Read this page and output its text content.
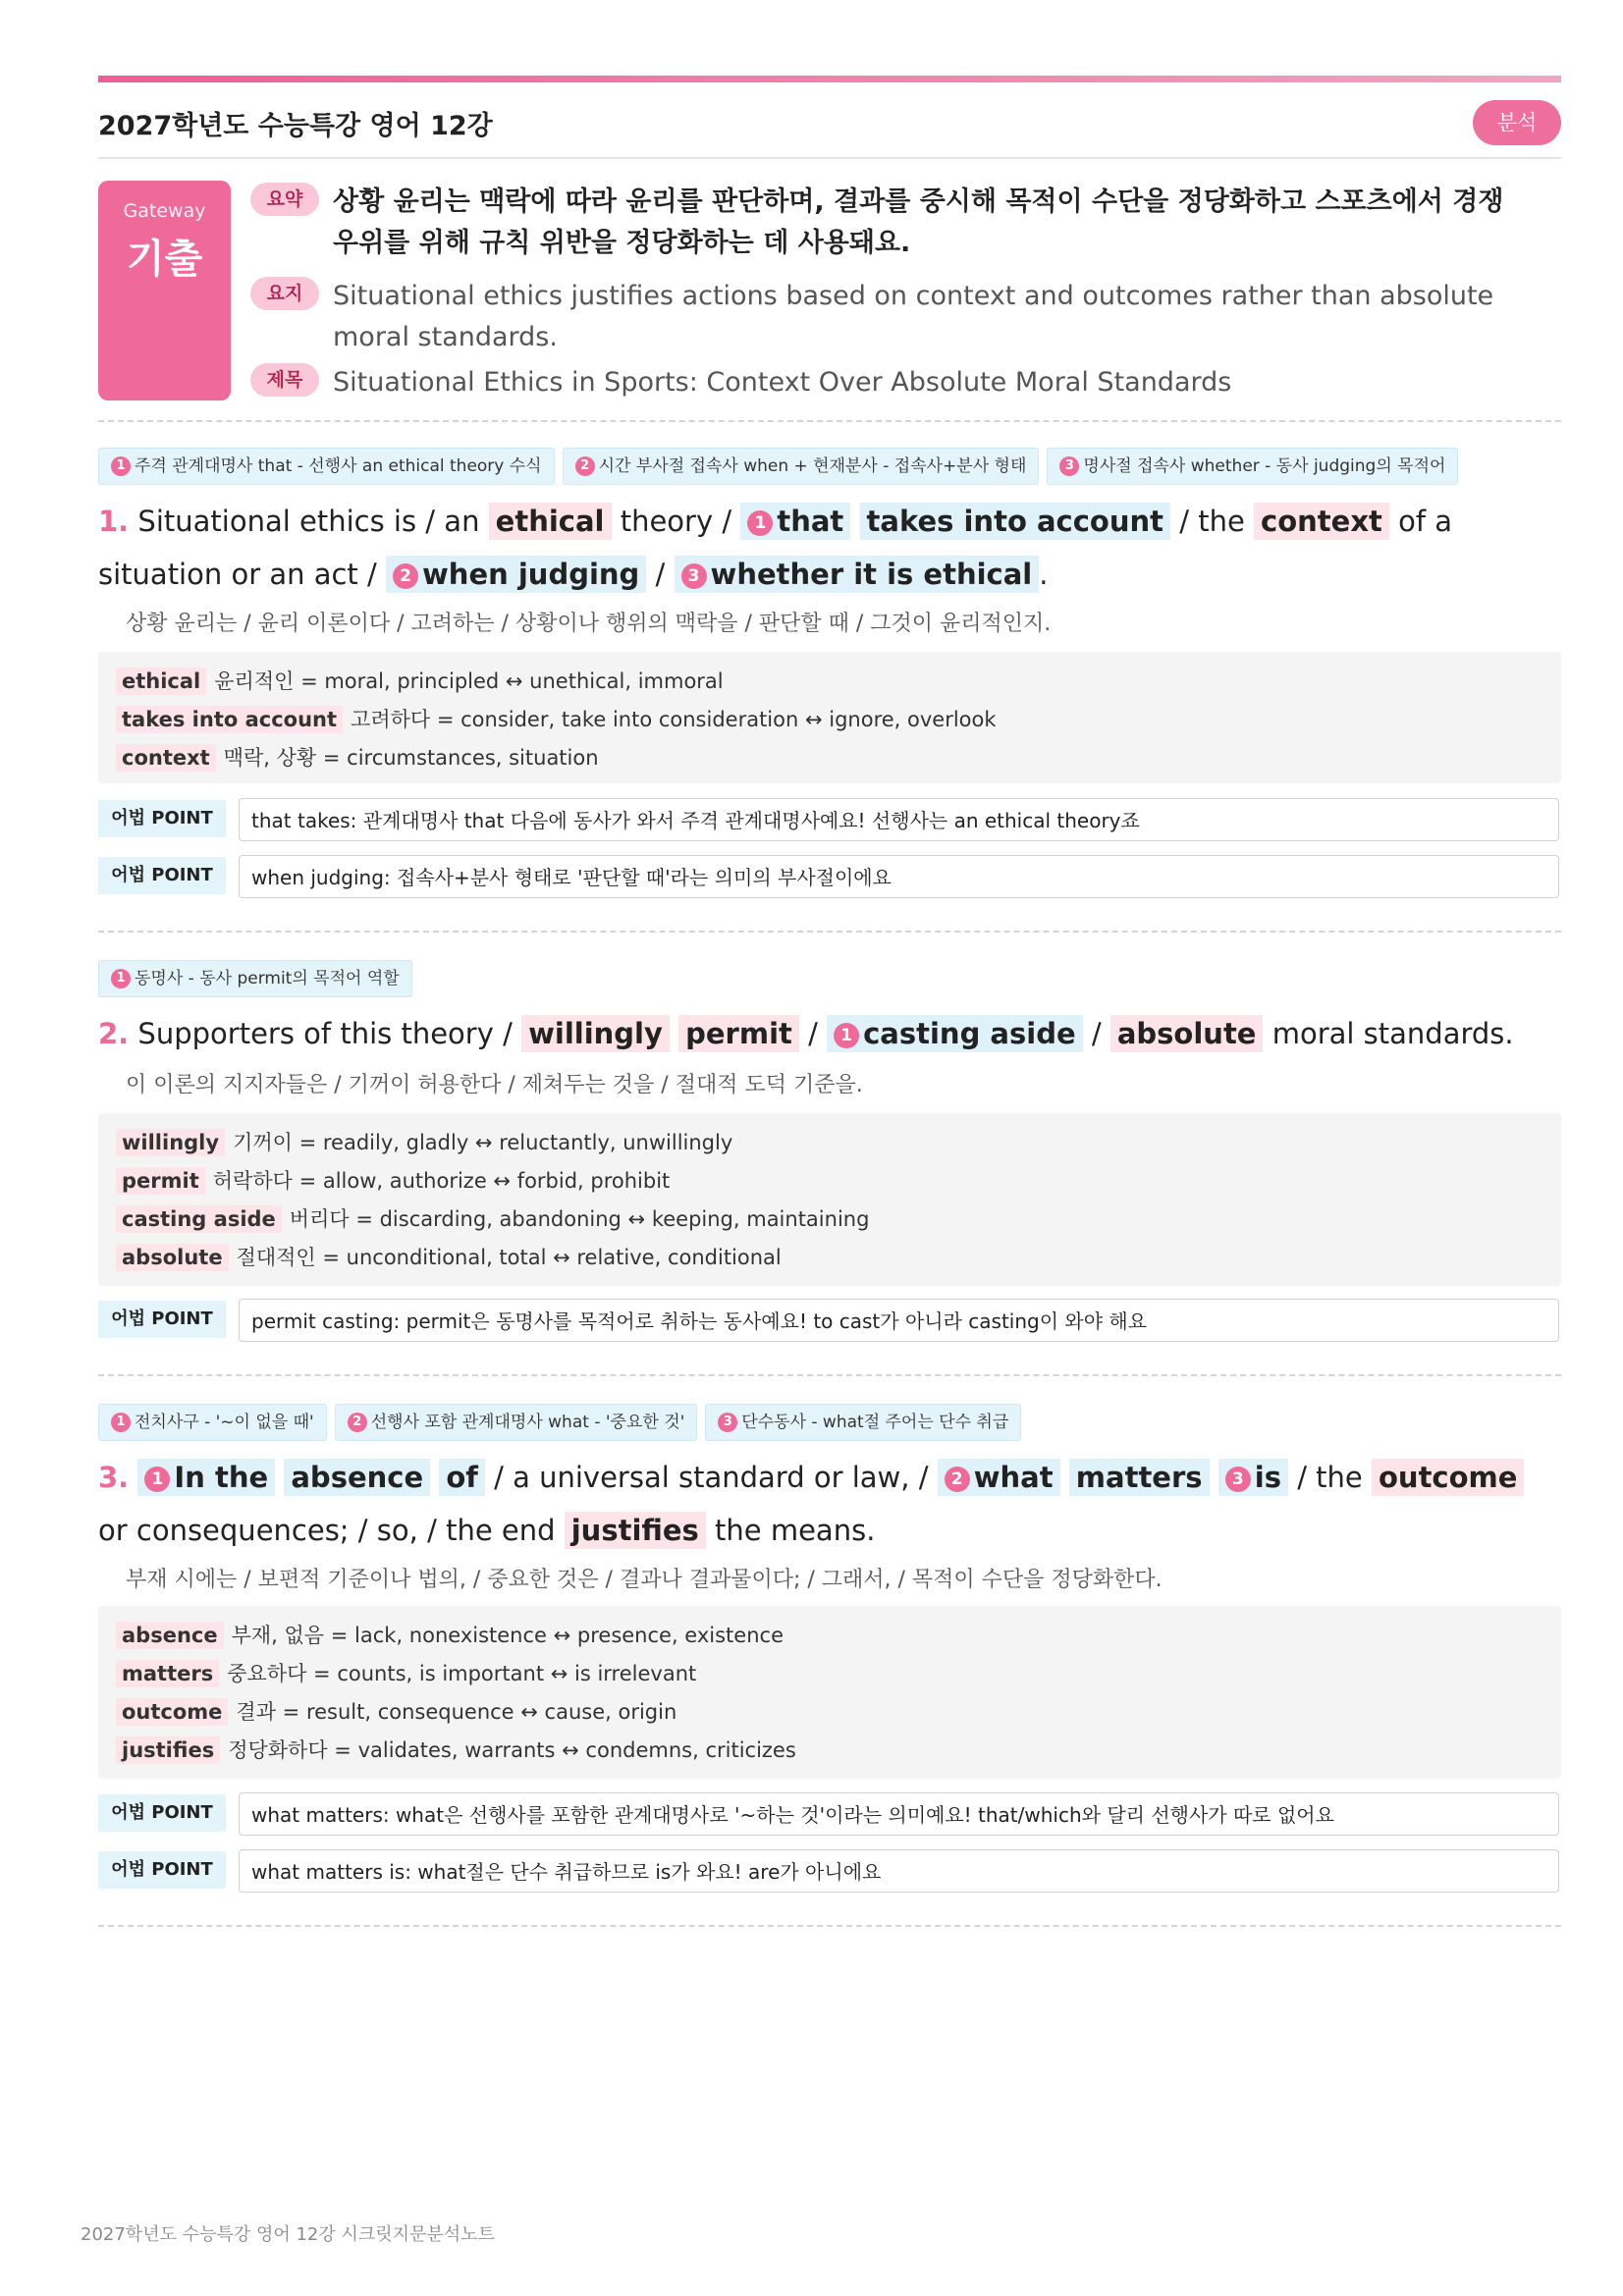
2027학년도 수능특강 영어 12강	분석
Gateway
기출
요약	상황 윤리는 맥락에 따라 윤리를 판단하며, 결과를 중시해 목적이 수단을 정당화하고 스포츠에서 경쟁 우위를 위해 규칙 위반을 정당화하는 데 사용돼요.
요지	Situational ethics justifies actions based on context and outcomes rather than absolute moral standards.
제목	Situational Ethics in Sports: Context Over Absolute Moral Standards
1 주격 관계대명사 that - 선행사 an ethical theory 수식	2 시간 부사절 접속사 when + 현재분사 - 접속사+분사 형태	3 명사절 접속사 whether - 동사 judging의 목적어
1. Situational ethics is / an ethical theory / 1 that takes into account / the context of a situation or an act / 2 when judging / 3 whether it is ethical .
상황 윤리는 / 윤리 이론이다 / 고려하는 / 상황이나 행위의 맥락을 / 판단할 때 / 그것이 윤리적인지.
ethical 윤리적인 = moral, principled ↔ unethical, immoral
takes into account 고려하다 = consider, take into consideration ↔ ignore, overlook
context 맥락, 상황 = circumstances, situation
어법 POINT	that takes: 관계대명사 that 다음에 동사가 와서 주격 관계대명사예요! 선행사는 an ethical theory죠
어법 POINT	when judging: 접속사+분사 형태로 '판단할 때'라는 의미의 부사절이에요
1 동명사 - 동사 permit의 목적어 역할
2. Supporters of this theory / willingly permit / 1 casting aside / absolute moral standards.
이 이론의 지지자들은 / 기꺼이 허용한다 / 제쳐두는 것을 / 절대적 도덕 기준을.
willingly 기꺼이 = readily, gladly ↔ reluctantly, unwillingly
permit 허락하다 = allow, authorize ↔ forbid, prohibit
casting aside 버리다 = discarding, abandoning ↔ keeping, maintaining
absolute 절대적인 = unconditional, total ↔ relative, conditional
어법 POINT	permit casting: permit은 동명사를 목적어로 취하는 동사예요! to cast가 아니라 casting이 와야 해요
1 전치사구 - '~이 없을 때'	2 선행사 포함 관계대명사 what - '중요한 것'	3 단수동사 - what절 주어는 단수 취급
3. 1 In the absence of / a universal standard or law, / 2 what matters 3 is / the outcome or consequences; / so, / the end justifies the means.
부재 시에는 / 보편적 기준이나 법의, / 중요한 것은 / 결과나 결과물이다; / 그래서, / 목적이 수단을 정당화한다.
absence 부재, 없음 = lack, nonexistence ↔ presence, existence
matters 중요하다 = counts, is important ↔ is irrelevant
outcome 결과 = result, consequence ↔ cause, origin
justifies 정당화하다 = validates, warrants ↔ condemns, criticizes
어법 POINT	what matters: what은 선행사를 포함한 관계대명사로 '~하는 것'이라는 의미예요! that/which와 달리 선행사가 따로 없어요
어법 POINT	what matters is: what절은 단수 취급하므로 is가 와요! are가 아니에요
2027학년도 수능특강 영어 12강 시크릿지문분석노트
